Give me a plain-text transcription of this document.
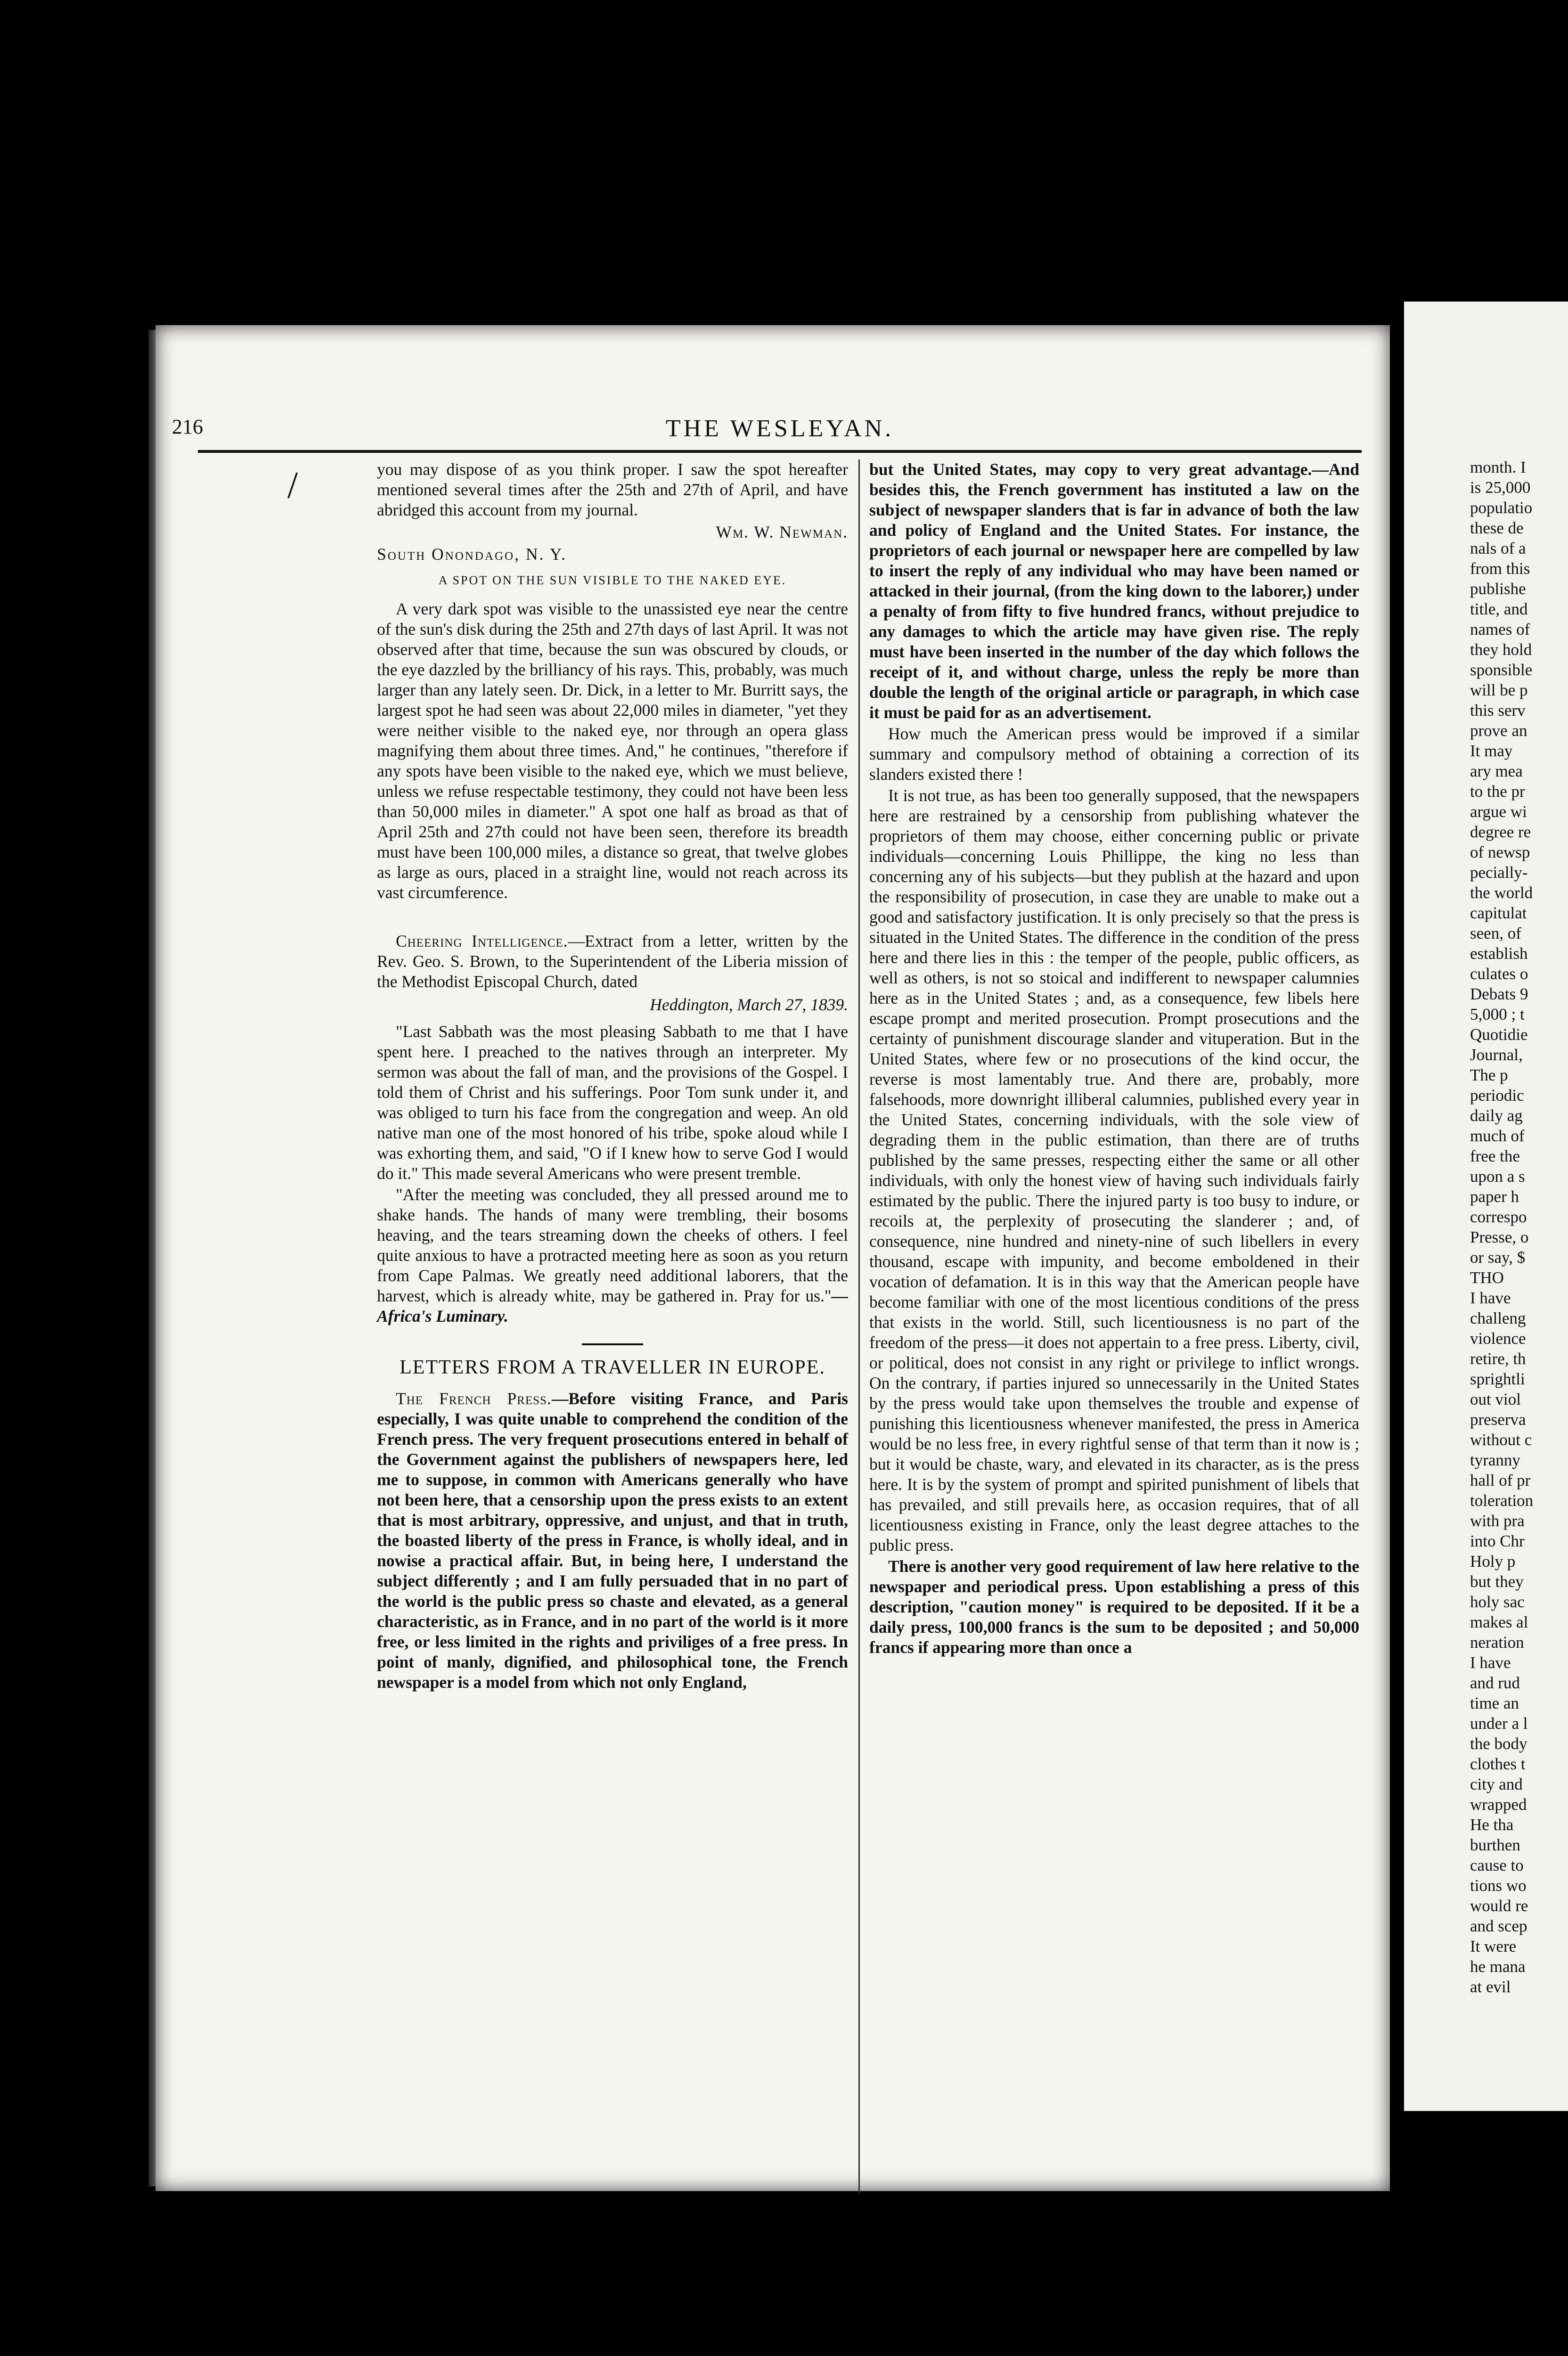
216	THE WESLEYAN.
/	you may dispose of as you think proper. I saw the spot hereafter mentioned several times after the 25th and 27th of April, and have abridged this account from my journal.

Wm. W. Newman.

South Onondago, N. Y.

A SPOT ON THE SUN VISIBLE TO THE NAKED EYE.

A very dark spot was visible to the unassisted eye near the centre of the sun's disk during the 25th and 27th days of last April. It was not observed after that time, because the sun was obscured by clouds, or the eye dazzled by the brilliancy of his rays. This, probably, was much larger than any lately seen. Dr. Dick, in a letter to Mr. Burritt says, the largest spot he had seen was about 22,000 miles in diameter, "yet they were neither visible to the naked eye, nor through an opera glass magnifying them about three times. And," he continues, "therefore if any spots have been visible to the naked eye, which we must believe, unless we refuse respectable testimony, they could not have been less than 50,000 miles in diameter." A spot one half as broad as that of April 25th and 27th could not have been seen, therefore its breadth must have been 100,000 miles, a distance so great, that twelve globes as large as ours, placed in a straight line, would not reach across its vast circumference.

Cheering Intelligence.—Extract from a letter, written by the Rev. Geo. S. Brown, to the Superintendent of the Liberia mission of the Methodist Episcopal Church, dated

Heddington, March 27, 1839.

"Last Sabbath was the most pleasing Sabbath to me that I have spent here. I preached to the natives through an interpreter. My sermon was about the fall of man, and the provisions of the Gospel. I told them of Christ and his sufferings. Poor Tom sunk under it, and was obliged to turn his face from the congregation and weep. An old native man one of the most honored of his tribe, spoke aloud while I was exhorting them, and said, "O if I knew how to serve God I would do it." This made several Americans who were present tremble.

"After the meeting was concluded, they all pressed around me to shake hands. The hands of many were trembling, their bosoms heaving, and the tears streaming down the cheeks of others. I feel quite anxious to have a protracted meeting here as soon as you return from Cape Palmas. We greatly need additional laborers, that the harvest, which is already white, may be gathered in. Pray for us."—Africa's Luminary.

LETTERS FROM A TRAVELLER IN EUROPE.

The French Press.—Before visiting France, and Paris especially, I was quite unable to comprehend the condition of the French press. The very frequent prosecutions entered in behalf of the Government against the publishers of newspapers here, led me to suppose, in common with Americans generally who have not been here, that a censorship upon the press exists to an extent that is most arbitrary, oppressive, and unjust, and that in truth, the boasted liberty of the press in France, is wholly ideal, and in nowise a practical affair. But, in being here, I understand the subject differently ; and I am fully persuaded that in no part of the world is the public press so chaste and elevated, as a general characteristic, as in France, and in no part of the world is it more free, or less limited in the rights and priviliges of a free press. In point of manly, dignified, and philosophical tone, the French newspaper is a model from which not only England,

but the United States, may copy to very great advantage.—And besides this, the French government has instituted a law on the subject of newspaper slanders that is far in advance of both the law and policy of England and the United States. For instance, the proprietors of each journal or newspaper here are compelled by law to insert the reply of any individual who may have been named or attacked in their journal, (from the king down to the laborer,) under a penalty of from fifty to five hundred francs, without prejudice to any damages to which the article may have given rise. The reply must have been inserted in the number of the day which follows the receipt of it, and without charge, unless the reply be more than double the length of the original article or paragraph, in which case it must be paid for as an advertisement.

How much the American press would be improved if a similar summary and compulsory method of obtaining a correction of its slanders existed there !

It is not true, as has been too generally supposed, that the newspapers here are restrained by a censorship from publishing whatever the proprietors of them may choose, either concerning public or private individuals—concerning Louis Phillippe, the king no less than concerning any of his subjects—but they publish at the hazard and upon the responsibility of prosecution, in case they are unable to make out a good and satisfactory justification. It is only precisely so that the press is situated in the United States. The difference in the condition of the press here and there lies in this : the temper of the people, public officers, as well as others, is not so stoical and indifferent to newspaper calumnies here as in the United States ; and, as a consequence, few libels here escape prompt and merited prosecution. Prompt prosecutions and the certainty of punishment discourage slander and vituperation. But in the United States, where few or no prosecutions of the kind occur, the reverse is most lamentably true. And there are, probably, more falsehoods, more downright illiberal calumnies, published every year in the United States, concerning individuals, with the sole view of degrading them in the public estimation, than there are of truths published by the same presses, respecting either the same or all other individuals, with only the honest view of having such individuals fairly estimated by the public. There the injured party is too busy to indure, or recoils at, the perplexity of prosecuting the slanderer ; and, of consequence, nine hundred and ninety-nine of such libellers in every thousand, escape with impunity, and become emboldened in their vocation of defamation. It is in this way that the American people have become familiar with one of the most licentious conditions of the press that exists in the world. Still, such licentiousness is no part of the freedom of the press—it does not appertain to a free press. Liberty, civil, or political, does not consist in any right or privilege to inflict wrongs. On the contrary, if parties injured so unnecessarily in the United States by the press would take upon themselves the trouble and expense of punishing this licentiousness whenever manifested, the press in America would be no less free, in every rightful sense of that term than it now is ; but it would be chaste, wary, and elevated in its character, as is the press here. It is by the system of prompt and spirited punishment of libels that has prevailed, and still prevails here, as occasion requires, that of all licentiousness existing in France, only the least degree attaches to the public press.

There is another very good requirement of law here relative to the newspaper and periodical press. Upon establishing a press of this description, "caution money" is required to be deposited. If it be a daily press, 100,000 francs is the sum to be deposited ; and 50,000 francs if appearing more than once a

month. I
is 25,000
populatio
these de
nals of a
from this
publishe
title, and
names of
they hold
sponsible
will be p
this serv
prove an
It may
ary mea
to the pr
argue wi
degree re
of newsp
pecially-
the world
capitulat
seen, of
establish
culates o
Debats 9
5,000 ; t
Quotidie
Journal,
The p
periodic
daily ag
much of
free the
upon a s
paper h
correspo
Presse, o
or say, $
THO
I have
challeng
violence
retire, th
sprightli
out viol
preserva
without c
tyranny
hall of pr
toleration
with pra
into Chr
Holy p
but they
holy sac
makes al
neration
I have
and rud
time an
under a l
the body
clothes t
city and
wrapped
He tha
burthen
cause to
tions wo
would re
and scep
It were
he mana
at evil
